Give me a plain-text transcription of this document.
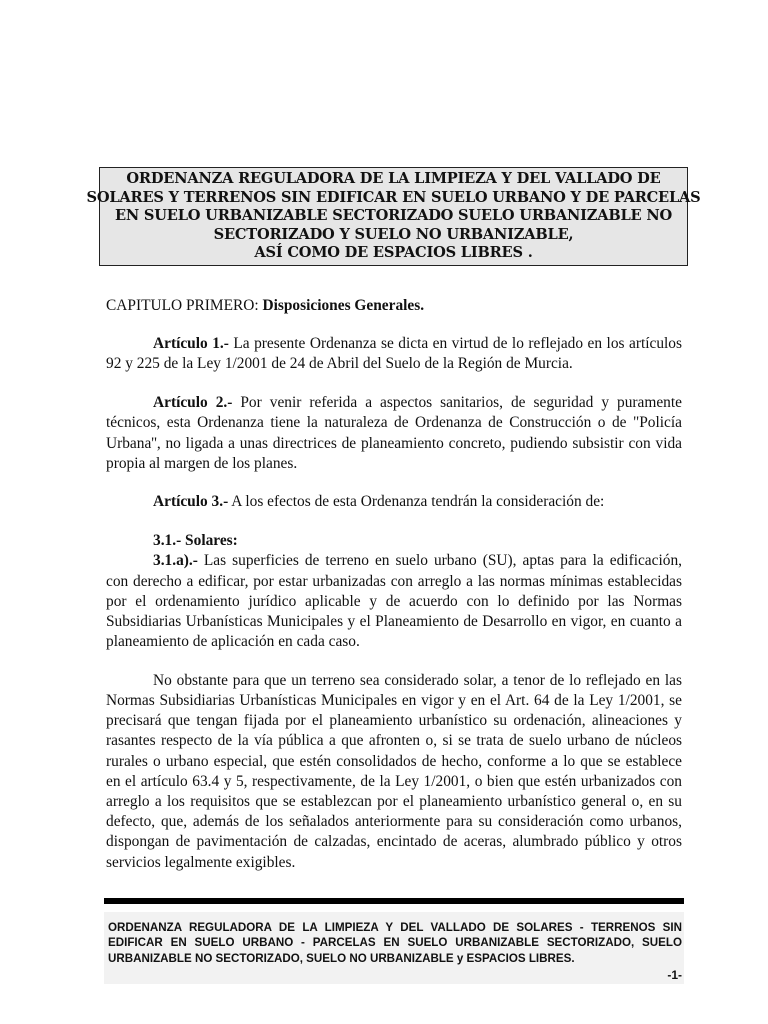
ORDENANZA REGULADORA DE LA LIMPIEZA Y DEL VALLADO DE
SOLARES Y TERRENOS SIN EDIFICAR EN SUELO URBANO Y DE PARCELAS
EN SUELO URBANIZABLE SECTORIZADO SUELO URBANIZABLE NO
SECTORIZADO Y SUELO NO URBANIZABLE,
ASÍ COMO DE ESPACIOS LIBRES .

CAPITULO PRIMERO: Disposiciones Generales.

Artículo 1.- La presente Ordenanza se dicta en virtud de lo reflejado en los artículos 92 y 225 de la Ley 1/2001 de 24 de Abril del Suelo de la Región de Murcia.

Artículo 2.- Por venir referida a aspectos sanitarios, de seguridad y puramente técnicos, esta Ordenanza tiene la naturaleza de Ordenanza de Construcción o de "Policía Urbana'', no ligada a unas directrices de planeamiento concreto, pudiendo subsistir con vida propia al margen de los planes.

Artículo 3.- A los efectos de esta Ordenanza tendrán la consideración de:

3.1.- Solares:

3.1.a).- Las superficies de terreno en suelo urbano (SU), aptas para la edificación, con derecho a edificar, por estar urbanizadas con arreglo a las normas mínimas establecidas por el ordenamiento jurídico aplicable y de acuerdo con lo definido por las Normas Subsidiarias Urbanísticas Municipales y el Planeamiento de Desarrollo en vigor, en cuanto a planeamiento de aplicación en cada caso.

No obstante para que un terreno sea considerado solar, a tenor de lo reflejado en las Normas Subsidiarias Urbanísticas Municipales en vigor y en el Art. 64 de la Ley 1/2001, se precisará que tengan fijada por el planeamiento urbanístico su ordenación, alineaciones y rasantes respecto de la vía pública a que afronten o, si se trata de suelo urbano de núcleos rurales o urbano especial, que estén consolidados de hecho, conforme a lo que se establece en el artículo 63.4 y 5, respectivamente, de la Ley 1/2001, o bien que estén urbanizados con arreglo a los requisitos que se establezcan por el planeamiento urbanístico general o, en su defecto, que, además de los señalados anteriormente para su consideración como urbanos, dispongan de pavimentación de calzadas, encintado de aceras, alumbrado público y otros servicios legalmente exigibles.

ORDENANZA REGULADORA DE LA LIMPIEZA Y DEL VALLADO DE SOLARES - TERRENOS SIN EDIFICAR EN SUELO URBANO - PARCELAS EN SUELO URBANIZABLE SECTORIZADO, SUELO URBANIZABLE NO SECTORIZADO, SUELO NO URBANIZABLE y ESPACIOS LIBRES.
-1-
